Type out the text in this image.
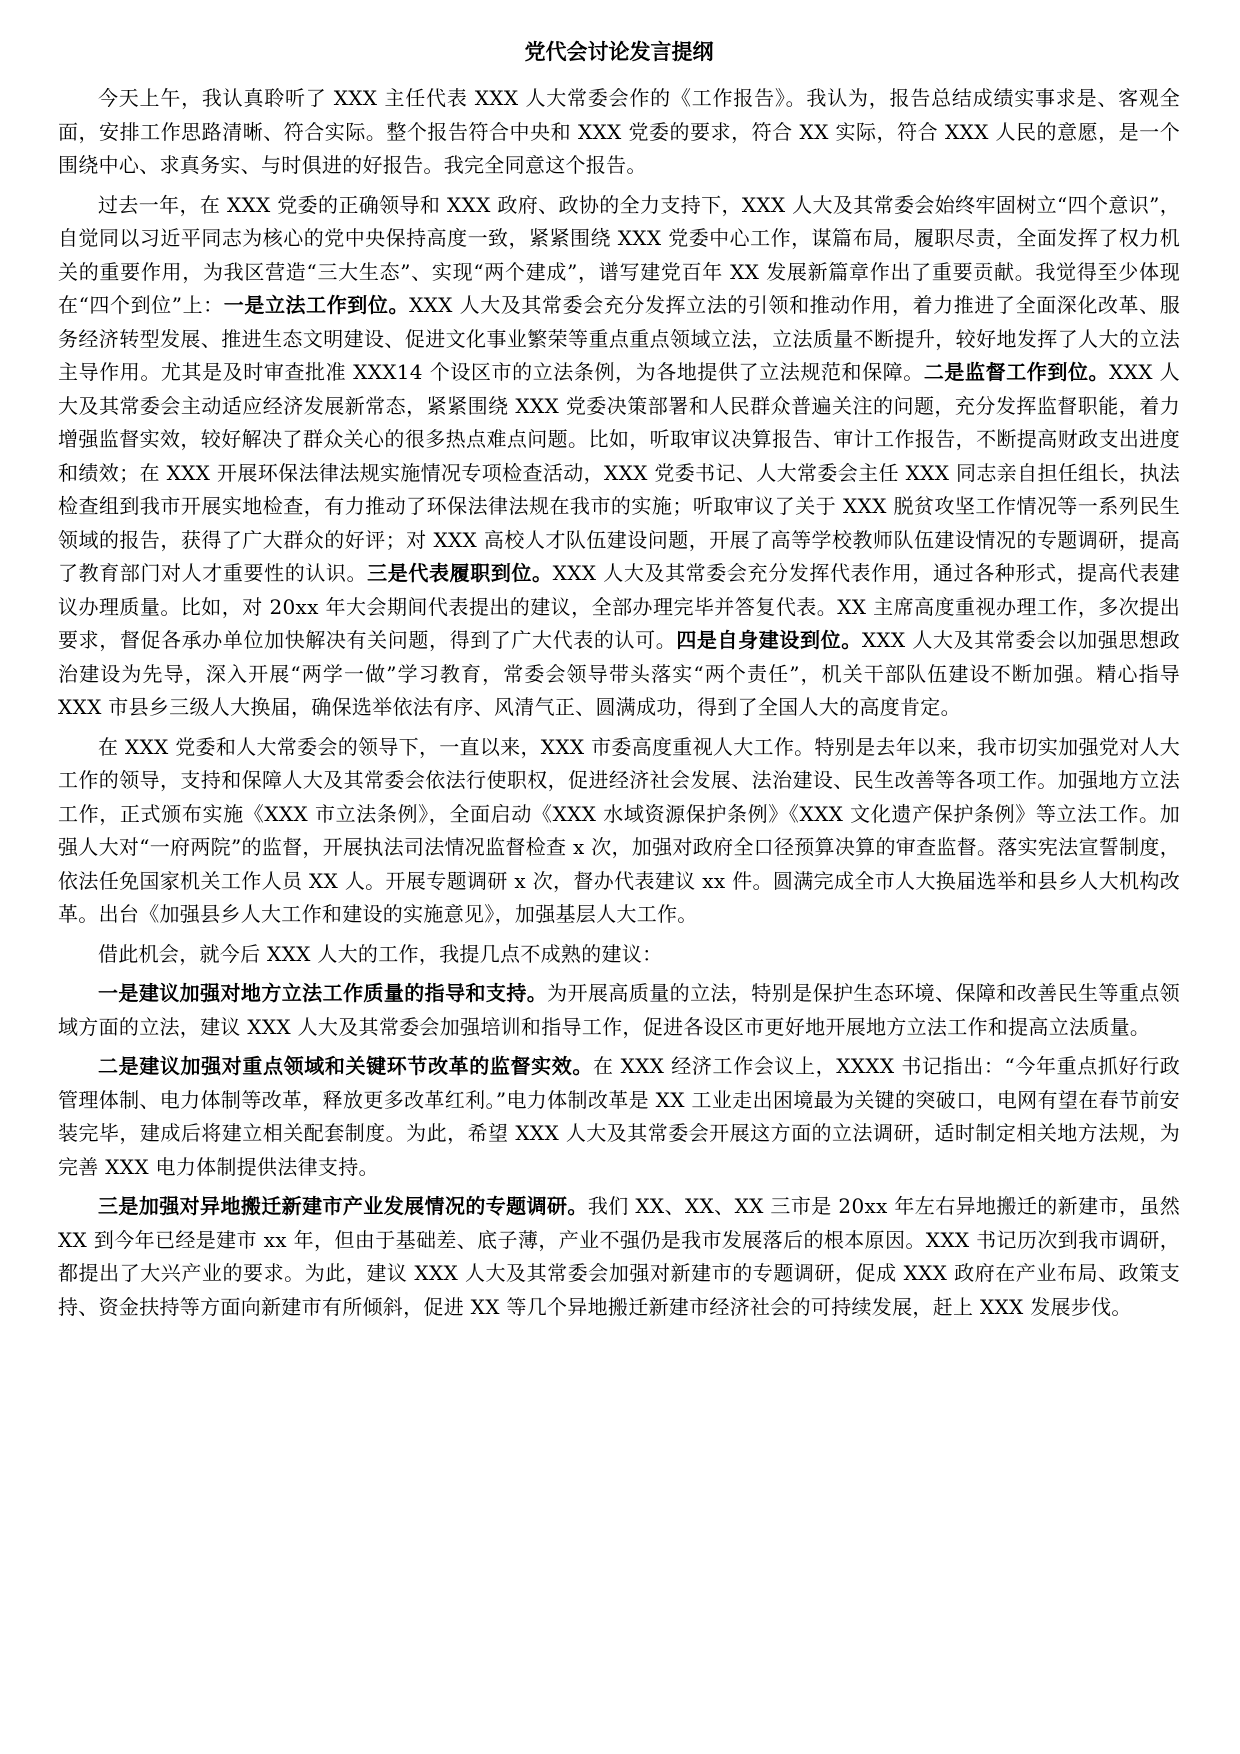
党代会讨论发言提纲
今天上午，我认真聆听了 XXX 主任代表 XXX 人大常委会作的《工作报告》。我认为，报告总结成绩实事求是、客观全面，安排工作思路清晰、符合实际。整个报告符合中央和 XXX 党委的要求，符合 XX 实际，符合 XXX 人民的意愿，是一个围绕中心、求真务实、与时俱进的好报告。我完全同意这个报告。
过去一年，在 XXX 党委的正确领导和 XXX 政府、政协的全力支持下，XXX 人大及其常委会始终牢固树立“四个意识”，自觉同以习近平同志为核心的党中央保持高度一致，紧紧围绕 XXX 党委中心工作，谋篇布局，履职尽责，全面发挥了权力机关的重要作用，为我区营造“三大生态”、实现“两个建成”，谱写建党百年 XX 发展新篇章作出了重要贡献。我觉得至少体现在“四个到位”上：一是立法工作到位。XXX 人大及其常委会充分发挥立法的引领和推动作用，着力推进了全面深化改革、服务经济转型发展、推进生态文明建设、促进文化事业繁荣等重点重点领域立法，立法质量不断提升，较好地发挥了人大的立法主导作用。尤其是及时审查批准 XXX14 个设区市的立法条例，为各地提供了立法规范和保障。二是监督工作到位。XXX 人大及其常委会主动适应经济发展新常态，紧紧围绕 XXX 党委决策部署和人民群众普遍关注的问题，充分发挥监督职能，着力增强监督实效，较好解决了群众关心的很多热点难点问题。比如，听取审议决算报告、审计工作报告，不断提高财政支出进度和绩效；在 XXX 开展环保法律法规实施情况专项检查活动，XXX 党委书记、人大常委会主任 XXX 同志亲自担任组长，执法检查组到我市开展实地检查，有力推动了环保法律法规在我市的实施；听取审议了关于 XXX 脱贫攻坚工作情况等一系列民生领域的报告，获得了广大群众的好评；对 XXX 高校人才队伍建设问题，开展了高等学校教师队伍建设情况的专题调研，提高了教育部门对人才重要性的认识。三是代表履职到位。XXX 人大及其常委会充分发挥代表作用，通过各种形式，提高代表建议办理质量。比如，对 20xx 年大会期间代表提出的建议，全部办理完毕并答复代表。XX 主席高度重视办理工作，多次提出要求，督促各承办单位加快解决有关问题，得到了广大代表的认可。四是自身建设到位。XXX 人大及其常委会以加强思想政治建设为先导，深入开展“两学一做”学习教育，常委会领导带头落实“两个责任”，机关干部队伍建设不断加强。精心指导 XXX 市县乡三级人大换届，确保选举依法有序、风清气正、圆满成功，得到了全国人大的高度肯定。
在 XXX 党委和人大常委会的领导下，一直以来，XXX 市委高度重视人大工作。特别是去年以来，我市切实加强党对人大工作的领导，支持和保障人大及其常委会依法行使职权，促进经济社会发展、法治建设、民生改善等各项工作。加强地方立法工作，正式颁布实施《XXX 市立法条例》，全面启动《XXX 水域资源保护条例》《XXX 文化遗产保护条例》等立法工作。加强人大对“一府两院”的监督，开展执法司法情况监督检查 x 次，加强对政府全口径预算决算的审查监督。落实宪法宣誓制度，依法任免国家机关工作人员 XX 人。开展专题调研 x 次，督办代表建议 xx 件。圆满完成全市人大换届选举和县乡人大机构改革。出台《加强县乡人大工作和建设的实施意见》，加强基层人大工作。
借此机会，就今后 XXX 人大的工作，我提几点不成熟的建议：
一是建议加强对地方立法工作质量的指导和支持。为开展高质量的立法，特别是保护生态环境、保障和改善民生等重点领域方面的立法，建议 XXX 人大及其常委会加强培训和指导工作，促进各设区市更好地开展地方立法工作和提高立法质量。
二是建议加强对重点领域和关键环节改革的监督实效。在 XXX 经济工作会议上，XXXX 书记指出：“今年重点抓好行政管理体制、电力体制等改革，释放更多改革红利。”电力体制改革是 XX 工业走出困境最为关键的突破口，电网有望在春节前安装完毕，建成后将建立相关配套制度。为此，希望 XXX 人大及其常委会开展这方面的立法调研，适时制定相关地方法规，为完善 XXX 电力体制提供法律支持。
三是加强对异地搬迁新建市产业发展情况的专题调研。我们 XX、XX、XX 三市是 20xx 年左右异地搬迁的新建市，虽然 XX 到今年已经是建市 xx 年，但由于基础差、底子薄，产业不强仍是我市发展落后的根本原因。XXX 书记历次到我市调研，都提出了大兴产业的要求。为此，建议 XXX 人大及其常委会加强对新建市的专题调研，促成 XXX 政府在产业布局、政策支持、资金扶持等方面向新建市有所倾斜，促进 XX 等几个异地搬迁新建市经济社会的可持续发展，赶上 XXX 发展步伐。
